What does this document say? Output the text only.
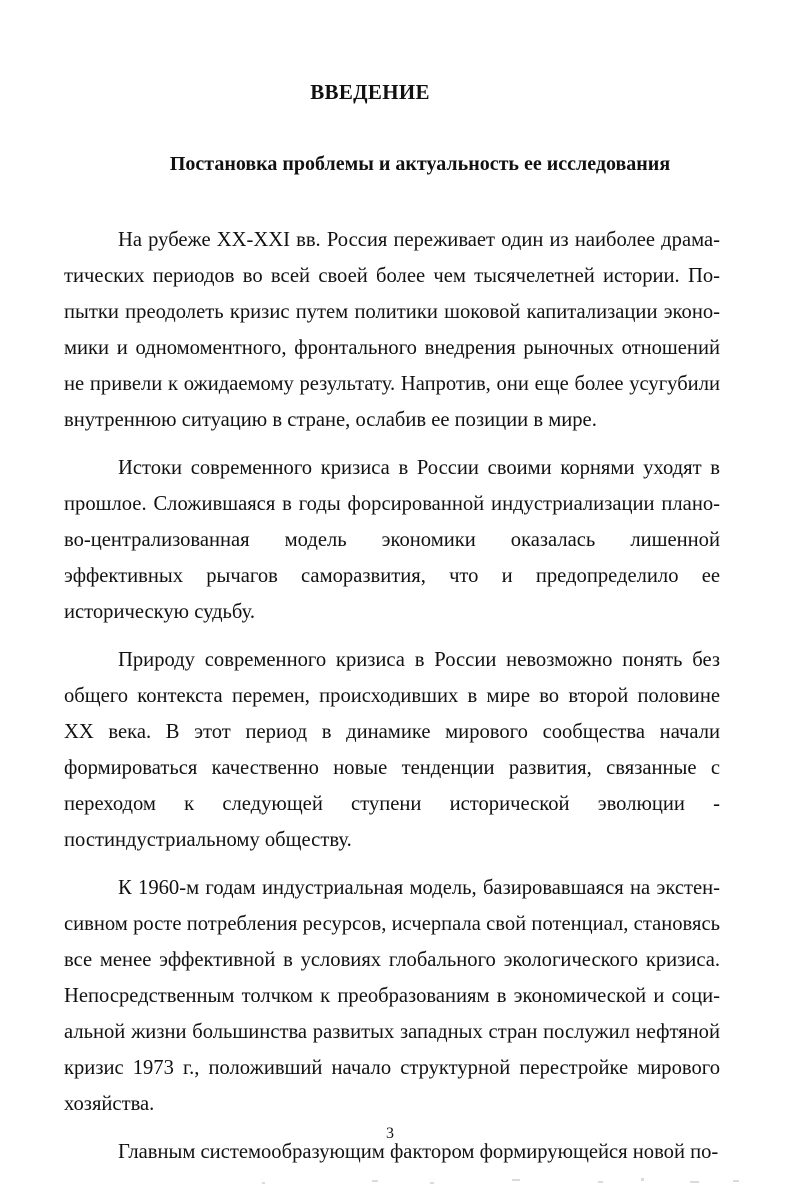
ВВЕДЕНИЕ
Постановка проблемы и актуальность ее исследования

На рубеже XX-XXI вв. Россия переживает один из наиболее драматических периодов во всей своей более чем тысячелетней истории. Попытки преодолеть кризис путем политики шоковой капитализации экономики и одномоментного, фронтального внедрения рыночных отношений не привели к ожидаемому результату. Напротив, они еще более усугубили внутреннюю ситуацию в стране, ослабив ее позиции в мире.

Истоки современного кризиса в России своими корнями уходят в прошлое. Сложившаяся в годы форсированной индустриализации планово-централизованная модель экономики оказалась лишенной эффективных рычагов саморазвития, что и предопределило ее историческую судьбу.

Природу современного кризиса в России невозможно понять без общего контекста перемен, происходивших в мире во второй половине XX века. В этот период в динамике мирового сообщества начали формироваться качественно новые тенденции развития, связанные с переходом к следующей ступени исторической эволюции - постиндустриальному обществу.

К 1960-м годам индустриальная модель, базировавшаяся на экстенсивном росте потребления ресурсов, исчерпала свой потенциал, становясь все менее эффективной в условиях глобального экологического кризиса. Непосредственным толчком к преобразованиям в экономической и социальной жизни большинства развитых западных стран послужил нефтяной кризис 1973 г., положивший начало структурной перестройке мирового хозяйства.

Главным системообразующим фактором формирующейся новой по-

3
